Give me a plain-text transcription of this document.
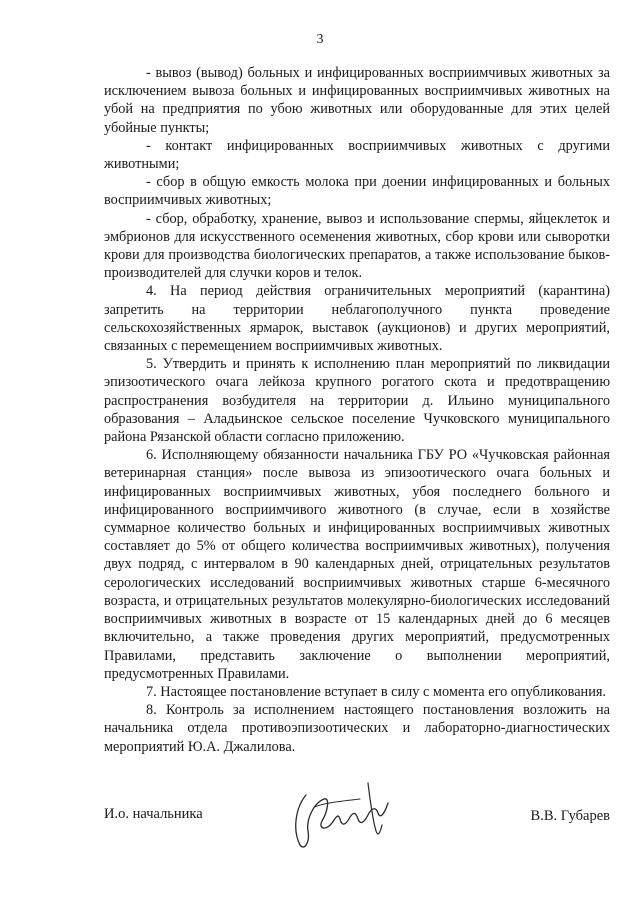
3

- вывоз (вывод) больных и инфицированных восприимчивых животных за исключением вывоза больных и инфицированных восприимчивых животных на убой на предприятия по убою животных или оборудованные для этих целей убойные пункты;

- контакт инфицированных восприимчивых животных с другими животными;

- сбор в общую емкость молока при доении инфицированных и больных восприимчивых животных;

- сбор, обработку, хранение, вывоз и использование спермы, яйцеклеток и эмбрионов для искусственного осеменения животных, сбор крови или сыворотки крови для производства биологических препаратов, а также использование быков-производителей для случки коров и телок.

4. На период действия ограничительных мероприятий (карантина) запретить на территории неблагополучного пункта проведение сельскохозяйственных ярмарок, выставок (аукционов) и других мероприятий, связанных с перемещением восприимчивых животных.

5. Утвердить и принять к исполнению план мероприятий по ликвидации эпизоотического очага лейкоза крупного рогатого скота и предотвращению распространения возбудителя на территории д. Ильино муниципального образования – Аладьинское сельское поселение Чучковского муниципального района Рязанской области согласно приложению.

6. Исполняющему обязанности начальника ГБУ РО «Чучковская районная ветеринарная станция» после вывоза из эпизоотического очага больных и инфицированных восприимчивых животных, убоя последнего больного и инфицированного восприимчивого животного (в случае, если в хозяйстве суммарное количество больных и инфицированных восприимчивых животных составляет до 5% от общего количества восприимчивых животных), получения двух подряд, с интервалом в 90 календарных дней, отрицательных результатов серологических исследований восприимчивых животных старше 6-месячного возраста, и отрицательных результатов молекулярно-биологических исследований восприимчивых животных в возрасте от 15 календарных дней до 6 месяцев включительно, а также проведения других мероприятий, предусмотренных Правилами, представить заключение о выполнении мероприятий, предусмотренных Правилами.

7. Настоящее постановление вступает в силу с момента его опубликования.

8. Контроль за исполнением настоящего постановления возложить на начальника отдела противоэпизоотических и лабораторно-диагностических мероприятий Ю.А. Джалилова.

И.о. начальника	В.В. Губарев
